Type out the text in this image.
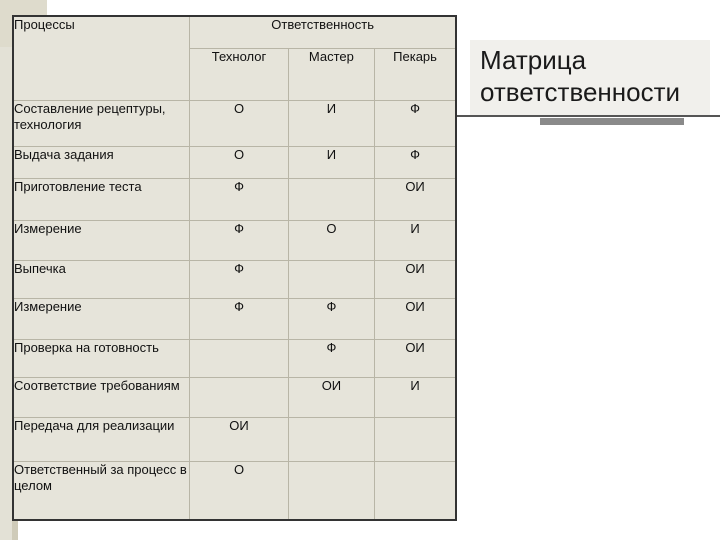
Матрица ответственности
Процессы	Ответственность		
	Технолог	Мастер	Пекарь
Составление рецептуры, технология	О	И	Ф
Выдача задания	О	И	Ф
Приготовление теста	Ф		ОИ
Измерение	Ф	О	И
Выпечка	Ф		ОИ
Измерение	Ф	Ф	ОИ
Проверка на готовность		Ф	ОИ
Соответствие требованиям		ОИ	И
Передача для реализации	ОИ		
Ответственный за процесс в целом	О		
